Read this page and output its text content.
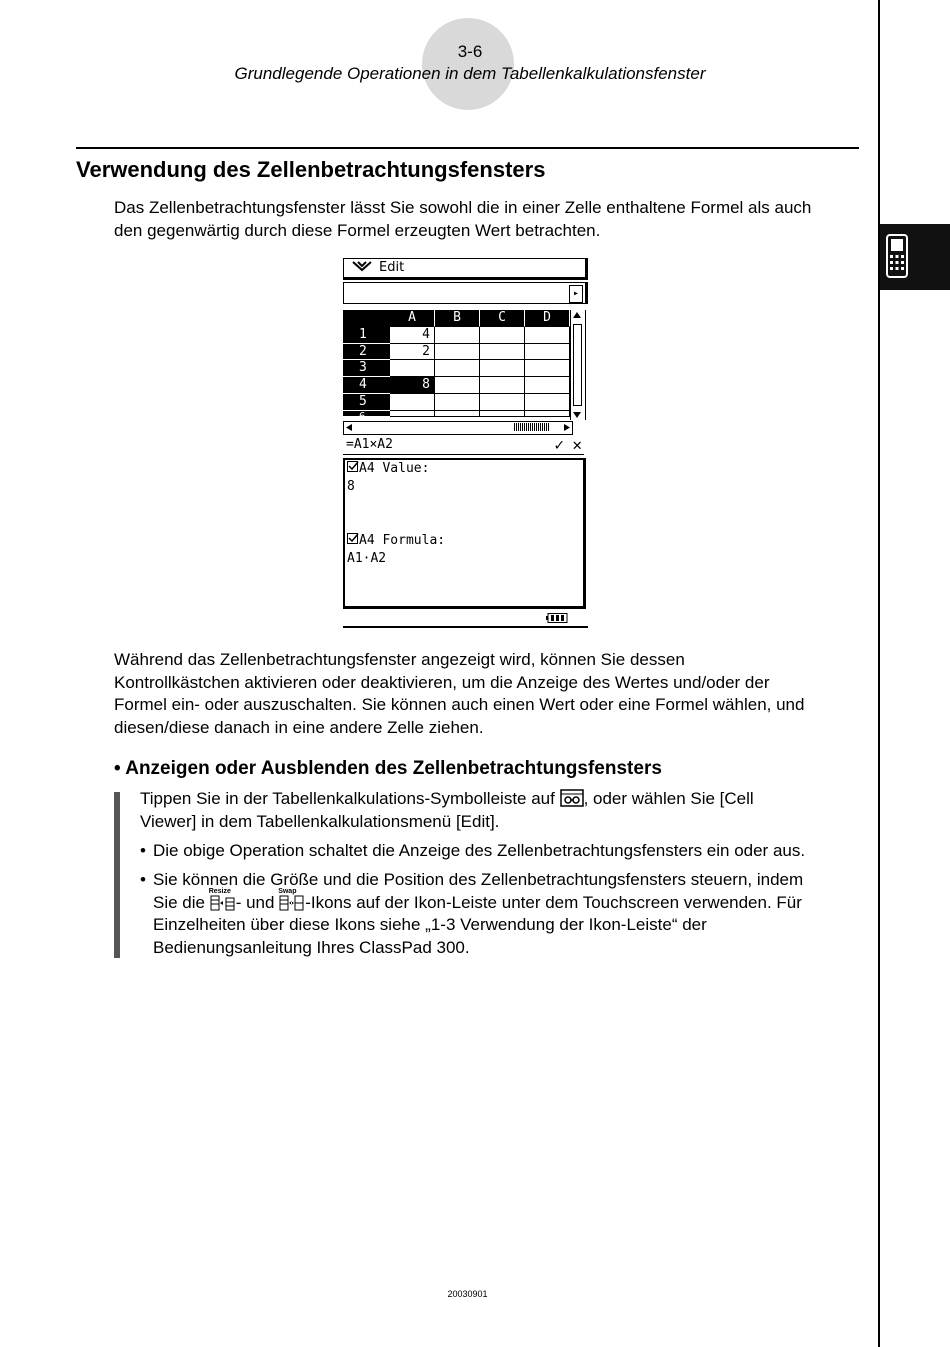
3-6
Grundlegende Operationen in dem Tabellenkalkulationsfenster
Verwendung des Zellenbetrachtungsfensters
Das Zellenbetrachtungsfenster lässt Sie sowohl die in einer Zelle enthaltene Formel als auch
den gegenwärtig durch diese Formel erzeugten Wert betrachten.
Edit
▸
A	B	C	D
1	4
2	2
3
4	8
5
6
=A1×A2	✓ ✕
A4 Value:
8
A4 Formula:
A1·A2
Während das Zellenbetrachtungsfenster angezeigt wird, können Sie dessen
Kontrollkästchen aktivieren oder deaktivieren, um die Anzeige des Wertes und/oder der
Formel ein- oder auszuschalten. Sie können auch einen Wert oder eine Formel wählen, und
diesen/diese danach in eine andere Zelle ziehen.
• Anzeigen oder Ausblenden des Zellenbetrachtungsfensters
Tippen Sie in der Tabellenkalkulations-Symbolleiste auf , oder wählen Sie [Cell
Viewer] in dem Tabellenkalkulationsmenü [Edit].
• Die obige Operation schaltet die Anzeige des Zellenbetrachtungsfensters ein oder aus.
• Sie können die Größe und die Position des Zellenbetrachtungsfensters steuern, indem
Sie die
Resize
- und
Swap
-Ikons auf der Ikon-Leiste unter dem Touchscreen verwenden. Für
Einzelheiten über diese Ikons siehe „1-3 Verwendung der Ikon-Leiste“ der
Bedienungsanleitung Ihres ClassPad 300.
20030901
